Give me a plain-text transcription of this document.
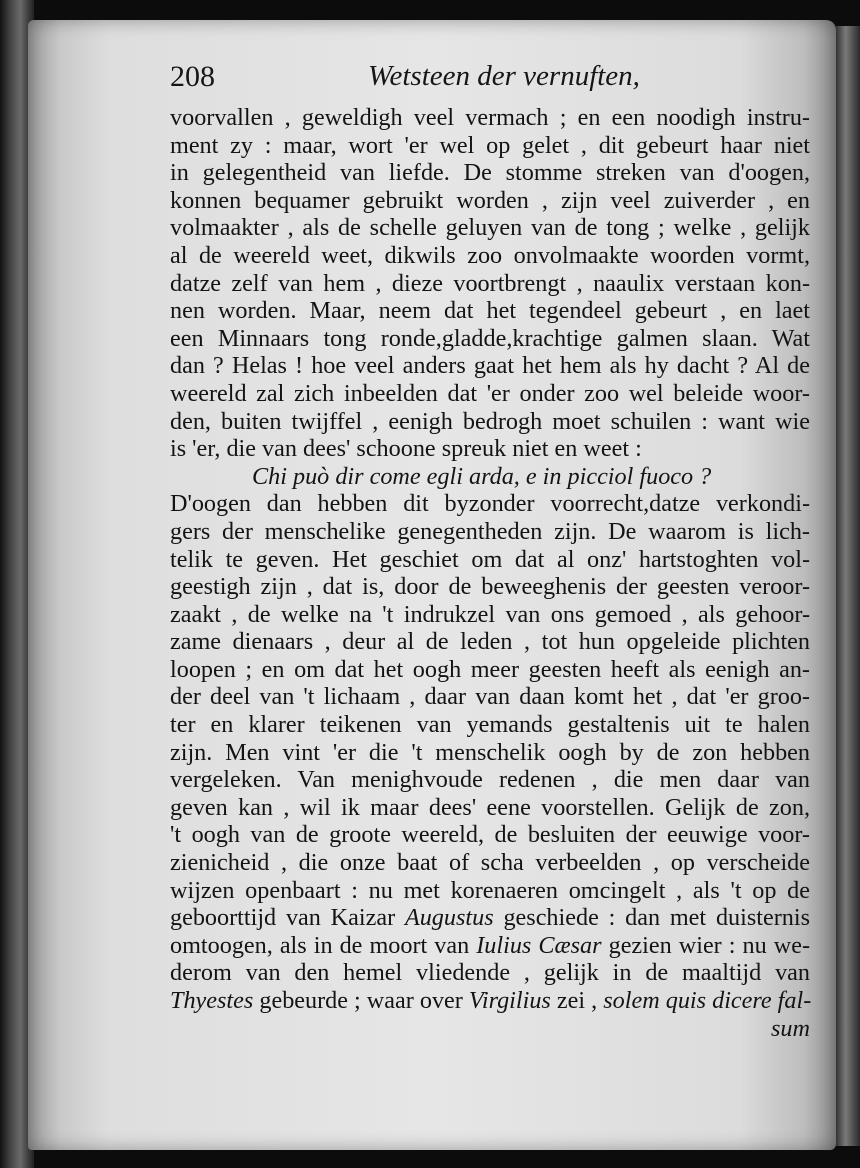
208	Wetsteen der vernuften,
voorvallen , geweldigh veel vermach ; en een noodigh instru-
ment zy : maar, wort 'er wel op gelet , dit gebeurt haar niet
in gelegentheid van liefde. De stomme streken van d'oogen,
konnen bequamer gebruikt worden , zijn veel zuiverder , en
volmaakter , als de schelle geluyen van de tong ; welke , gelijk
al de weereld weet, dikwils zoo onvolmaakte woorden vormt,
datze zelf van hem , dieze voortbrengt , naaulix verstaan kon-
nen worden. Maar, neem dat het tegendeel gebeurt , en laet
een Minnaars tong ronde,gladde,krachtige galmen slaan. Wat
dan ? Helas ! hoe veel anders gaat het hem als hy dacht ? Al de
weereld zal zich inbeelden dat 'er onder zoo wel beleide woor-
den, buiten twijffel , eenigh bedrogh moet schuilen : want wie
is 'er, die van dees' schoone spreuk niet en weet :
Chi può dir come egli arda, e in picciol fuoco ?
D'oogen dan hebben dit byzonder voorrecht,datze verkondi-
gers der menschelike genegentheden zijn. De waarom is lich-
telik te geven. Het geschiet om dat al onz' hartstoghten vol-
geestigh zijn , dat is, door de beweeghenis der geesten veroor-
zaakt , de welke na 't indrukzel van ons gemoed , als gehoor-
zame dienaars , deur al de leden , tot hun opgeleide plichten
loopen ; en om dat het oogh meer geesten heeft als eenigh an-
der deel van 't lichaam , daar van daan komt het , dat 'er groo-
ter en klarer teikenen van yemands gestaltenis uit te halen
zijn. Men vint 'er die 't menschelik oogh by de zon hebben
vergeleken. Van menighvoude redenen , die men daar van
geven kan , wil ik maar dees' eene voorstellen. Gelijk de zon,
't oogh van de groote weereld, de besluiten der eeuwige voor-
zienicheid , die onze baat of scha verbeelden , op verscheide
wijzen openbaart : nu met korenaeren omcingelt , als 't op de
geboorttijd van Kaizar Augustus geschiede : dan met duisternis
omtoogen, als in de moort van Iulius Cæsar gezien wier : nu we-
derom van den hemel vliedende , gelijk in de maaltijd van
Thyestes gebeurde ; waar over Virgilius zei , solem quis dicere fal-
sum
